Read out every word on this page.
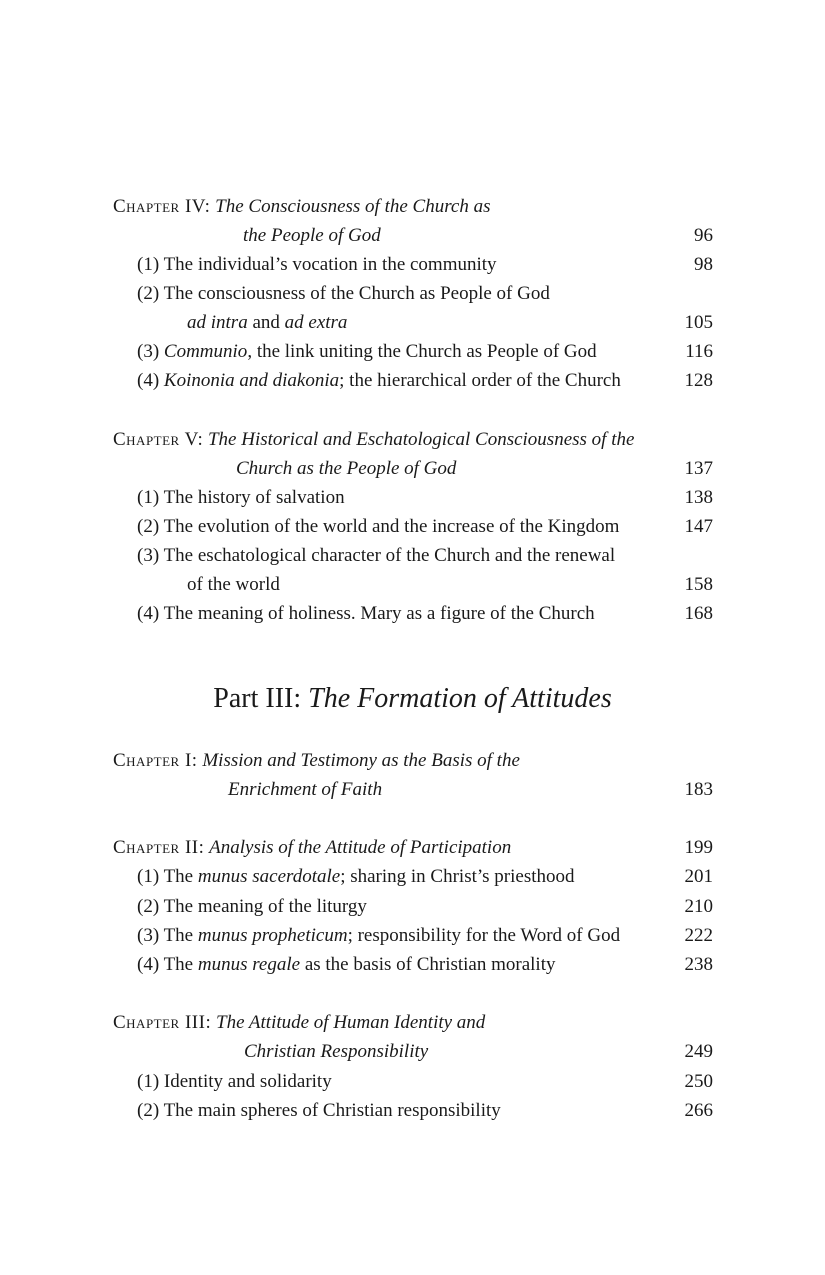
Chapter IV: The Consciousness of the Church as
the People of God	96
(1) The individual’s vocation in the community	98
(2) The consciousness of the Church as People of God
ad intra and ad extra	105
(3) Communio, the link uniting the Church as People of God	116
(4) Koinonia and diakonia; the hierarchical order of the Church	128
Chapter V: The Historical and Eschatological Consciousness of the
Church as the People of God	137
(1) The history of salvation	138
(2) The evolution of the world and the increase of the Kingdom	147
(3) The eschatological character of the Church and the renewal
of the world	158
(4) The meaning of holiness. Mary as a figure of the Church	168
Part III: The Formation of Attitudes
Chapter I: Mission and Testimony as the Basis of the
Enrichment of Faith	183
Chapter II: Analysis of the Attitude of Participation	199
(1) The munus sacerdotale; sharing in Christ’s priesthood	201
(2) The meaning of the liturgy	210
(3) The munus propheticum; responsibility for the Word of God	222
(4) The munus regale as the basis of Christian morality	238
Chapter III: The Attitude of Human Identity and
Christian Responsibility	249
(1) Identity and solidarity	250
(2) The main spheres of Christian responsibility	266
